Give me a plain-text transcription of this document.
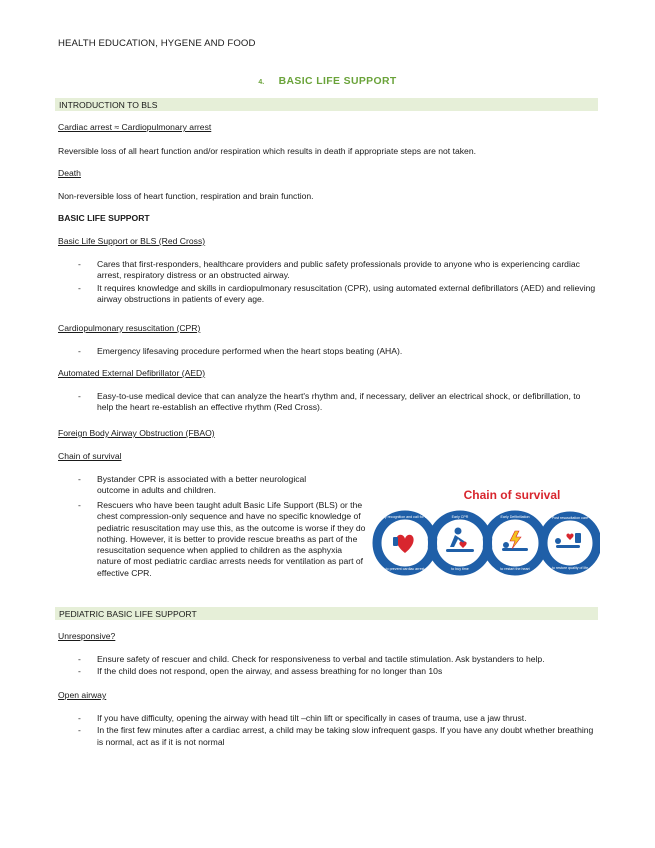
HEALTH EDUCATION, HYGENE AND FOOD
4. BASIC LIFE SUPPORT
INTRODUCTION TO BLS
Cardiac arrest ≈ Cardiopulmonary arrest
Reversible loss of all heart function and/or respiration which results in death if appropriate steps are not taken.
Death
Non-reversible loss of heart function, respiration and brain function.
BASIC LIFE SUPPORT
Basic Life Support or BLS (Red Cross)
- Cares that first-responders, healthcare providers and public safety professionals provide to anyone who is experiencing cardiac arrest, respiratory distress or an obstructed airway.
- It requires knowledge and skills in cardiopulmonary resuscitation (CPR), using automated external defibrillators (AED) and relieving airway obstructions in patients of every age.
Cardiopulmonary resuscitation (CPR)
- Emergency lifesaving procedure performed when the heart stops beating (AHA).
Automated External Defibrillator (AED)
- Easy-to-use medical device that can analyze the heart's rhythm and, if necessary, deliver an electrical shock, or defibrillation, to help the heart re-establish an effective rhythm (Red Cross).
Foreign Body Airway Obstruction (FBAO)
Chain of survival
- Bystander CPR is associated with a better neurological outcome in adults and children.
- Rescuers who have been taught adult Basic Life Support (BLS) or the chest compression-only sequence and have no specific knowledge of pediatric resuscitation may use this, as the outcome is worse if they do nothing. However, it is better to provide rescue breaths as part of the resuscitation sequence when applied to children as the asphyxia nature of most pediatric cardiac arrests needs for ventilation as part of effective CPR.
Chain of survival
Early recognition and call for help	Early CPR	Early Defibrillation	Post resuscitation care
to prevent cardiac arrest	to buy time	to restart the heart	to restore quality of life
PEDIATRIC BASIC LIFE SUPPORT
Unresponsive?
- Ensure safety of rescuer and child. Check for responsiveness to verbal and tactile stimulation. Ask bystanders to help.
- If the child does not respond, open the airway, and assess breathing for no longer than 10s
Open airway
- If you have difficulty, opening the airway with head tilt –chin lift or specifically in cases of trauma, use a jaw thrust.
- In the first few minutes after a cardiac arrest, a child may be taking slow infrequent gasps. If you have any doubt whether breathing is normal, act as if it is not normal
